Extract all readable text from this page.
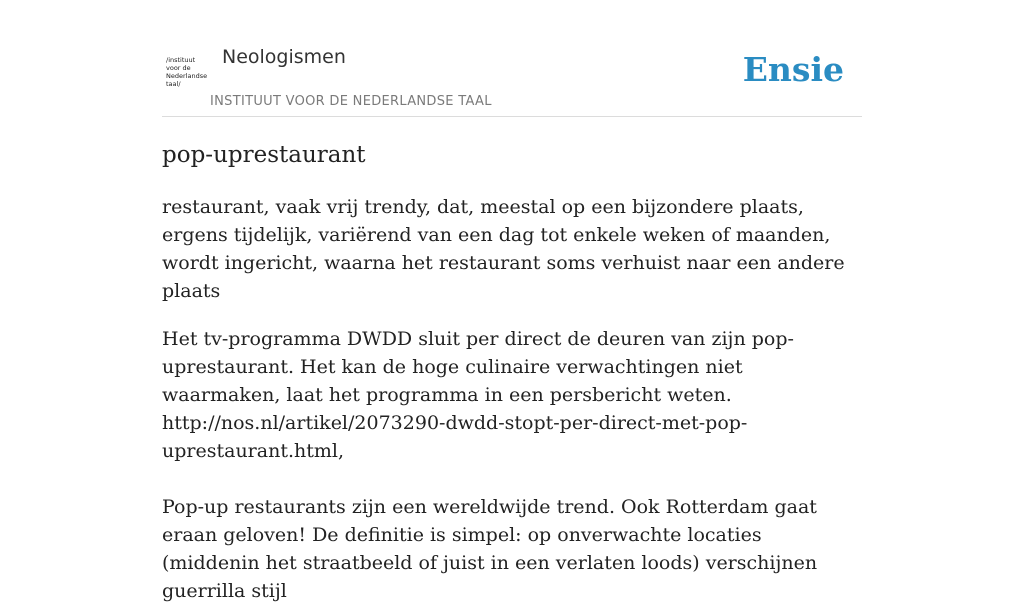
/instituut
voor de
Nederlandse
taal/
Neologismen
INSTITUUT VOOR DE NEDERLANDSE TAAL
Ensie
pop-uprestaurant

restaurant, vaak vrij trendy, dat, meestal op een bijzondere plaats, ergens tijdelijk, variërend van een dag tot enkele weken of maanden, wordt ingericht, waarna het restaurant soms verhuist naar een andere plaats

Het tv-programma DWDD sluit per direct de deuren van zijn pop-uprestaurant. Het kan de hoge culinaire verwachtingen niet waarmaken, laat het programma in een persbericht weten.
http://nos.nl/artikel/2073290-dwdd-stopt-per-direct-met-pop-uprestaurant.html,

Pop-up restaurants zijn een wereldwijde trend. Ook Rotterdam gaat eraan geloven! De definitie is simpel: op onverwachte locaties (middenin het straatbeeld of juist in een verlaten loods) verschijnen guerrilla stijl
